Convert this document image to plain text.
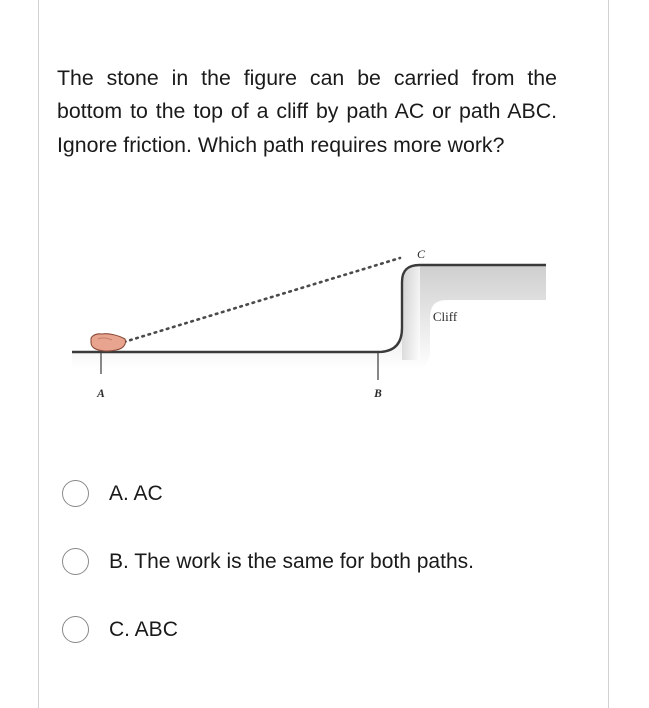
The stone in the figure can be carried from the bottom to the top of a cliff by path AC or path ABC. Ignore friction. Which path requires more work?

A	B
C
Cliff
A. AC
B. The work is the same for both paths.
C. ABC
